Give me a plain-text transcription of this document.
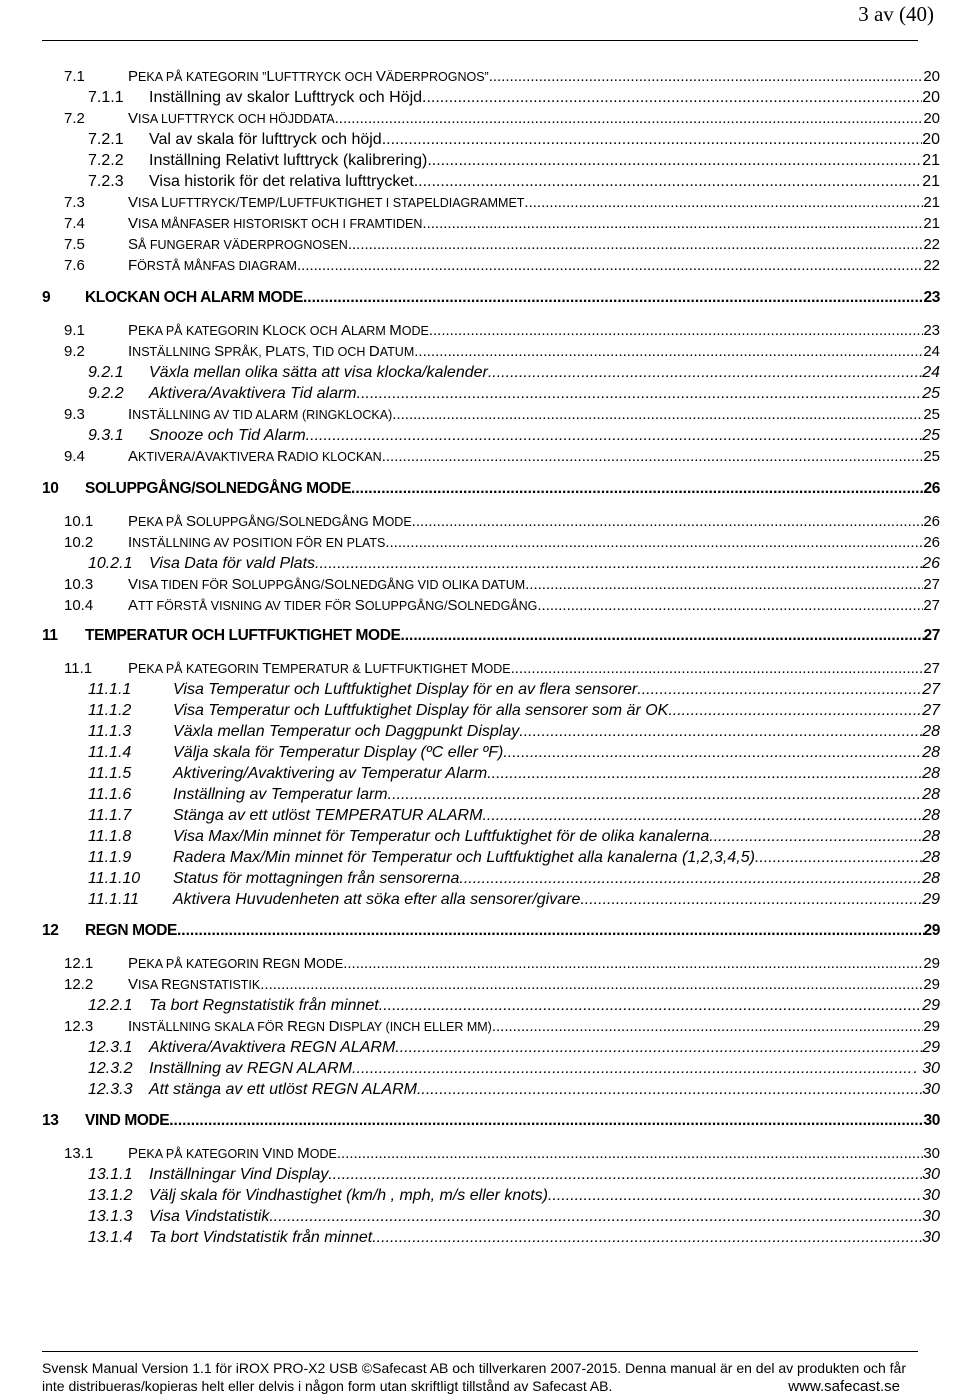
3 av (40)
7.1	PEKA PÅ KATEGORIN ”LUFTTRYCK OCH VÄDERPROGNOS” .....	20
7.1.1	Inställning av skalor Lufttryck och Höjd .....	20
7.2	VISA LUFTTRYCK OCH HÖJDDATA .....	20
7.2.1	Val av skala för lufttryck och höjd .....	20
7.2.2	Inställning Relativt lufttryck (kalibrering) .....	21
7.2.3	Visa historik för det relativa lufttrycket .....	21
7.3	VISA LUFTTRYCK/TEMP/LUFTFUKTIGHET I STAPELDIAGRAMMET .....	21
7.4	VISA MÅNFASER HISTORISKT OCH I FRAMTIDEN .....	21
7.5	SÅ FUNGERAR VÄDERPROGNOSEN .....	22
7.6	FÖRSTÅ MÅNFAS DIAGRAM .....	22
9	KLOCKAN OCH ALARM MODE .....	23
9.1	PEKA PÅ KATEGORIN KLOCK OCH ALARM MODE .....	23
9.2	INSTÄLLNING SPRÅK, PLATS, TID OCH DATUM .....	24
9.2.1	Växla mellan olika sätta att visa klocka/kalender .....	24
9.2.2	Aktivera/Avaktivera Tid alarm .....	25
9.3	INSTÄLLNING AV TID ALARM (RINGKLOCKA) .....	25
9.3.1	Snooze och Tid Alarm .....	25
9.4	AKTIVERA/AVAKTIVERA RADIO KLOCKAN .....	25
10	SOLUPPGÅNG/SOLNEDGÅNG MODE .....	26
10.1	PEKA PÅ SOLUPPGÅNG/SOLNEDGÅNG MODE .....	26
10.2	INSTÄLLNING AV POSITION FÖR EN PLATS .....	26
10.2.1	Visa Data för vald Plats .....	26
10.3	VISA TIDEN FÖR SOLUPPGÅNG/SOLNEDGÅNG VID OLIKA DATUM .....	27
10.4	ATT FÖRSTÅ VISNING AV TIDER FÖR SOLUPPGÅNG/SOLNEDGÅNG .....	27
11	TEMPERATUR OCH LUFTFUKTIGHET MODE .....	27
11.1	PEKA PÅ KATEGORIN TEMPERATUR & LUFTFUKTIGHET MODE .....	27
11.1.1	Visa Temperatur och Luftfuktighet Display för en av flera sensorer .....	27
11.1.2	Visa Temperatur och Luftfuktighet Display för alla sensorer som är OK .....	27
11.1.3	Växla mellan Temperatur och Daggpunkt Display .....	28
11.1.4	Välja skala för Temperatur Display (ºC eller ºF) .....	28
11.1.5	Aktivering/Avaktivering av Temperatur Alarm .....	28
11.1.6	Inställning av Temperatur larm .....	28
11.1.7	Stänga av ett utlöst TEMPERATUR ALARM .....	28
11.1.8	Visa Max/Min minnet för Temperatur och Luftfuktighet för de olika kanalerna .....	28
11.1.9	Radera Max/Min minnet för Temperatur och Luftfuktighet alla kanalerna (1,2,3,4,5). .....	28
11.1.10	Status för mottagningen från sensorerna .....	28
11.1.11	Aktivera Huvudenheten att söka efter alla sensorer/givare .....	29
12	REGN MODE .....	29
12.1	PEKA PÅ KATEGORIN REGN MODE .....	29
12.2	VISA REGNSTATISTIK .....	29
12.2.1	Ta bort Regnstatistik från minnet .....	29
12.3	INSTÄLLNING SKALA FÖR REGN DISPLAY (INCH ELLER MM) .....	29
12.3.1	Aktivera/Avaktivera REGN ALARM .....	29
12.3.2	Inställning av REGN ALARM .....	. 30
12.3.3	Att stänga av ett utlöst REGN ALARM .....	30
13	VIND MODE .....	30
13.1	PEKA PÅ KATEGORIN VIND MODE .....	30
13.1.1	Inställningar Vind Display .....	30
13.1.2	Välj skala för Vindhastighet (km/h , mph, m/s eller knots) .....	30
13.1.3	Visa Vindstatistik .....	30
13.1.4	Ta bort Vindstatistik från minnet .....	30
Svensk Manual Version 1.1 för iROX PRO-X2 USB ©Safecast AB och tillverkaren 2007-2015. Denna manual är en del av produkten och får
inte distribueras/kopieras helt eller delvis i någon form utan skriftligt tillstånd av Safecast AB.	www.safecast.se
